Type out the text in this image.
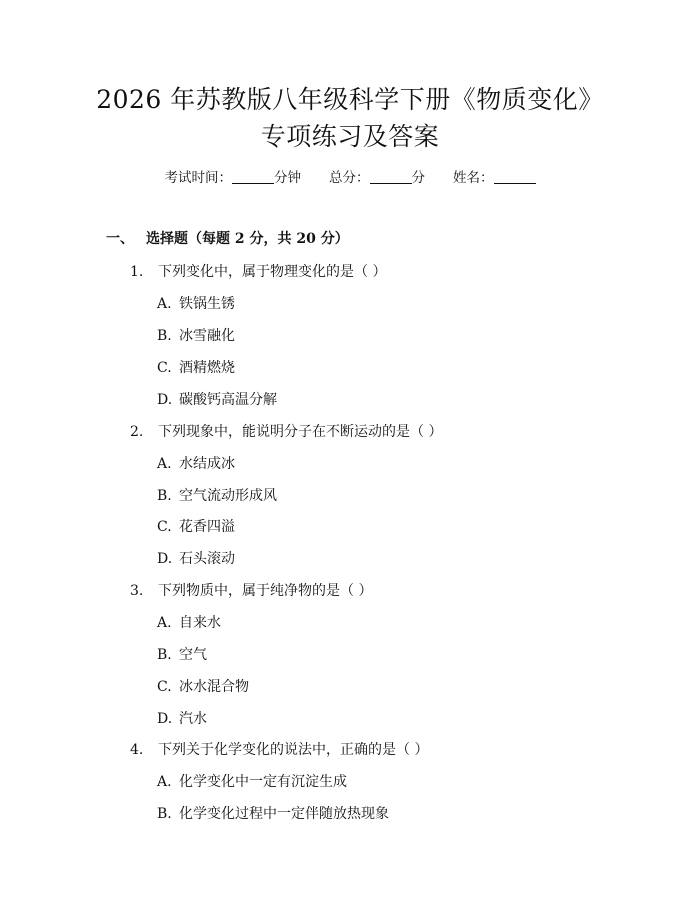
2026 年苏教版八年级科学下册《物质变化》
专项练习及答案
考试时间：	分钟 总分：	分 姓名：
一、 选择题（每题 2 分，共 20 分）
1. 下列变化中，属于物理变化的是（ ）
A. 铁锅生锈
B. 冰雪融化
C. 酒精燃烧
D. 碳酸钙高温分解
2. 下列现象中，能说明分子在不断运动的是（ ）
A. 水结成冰
B. 空气流动形成风
C. 花香四溢
D. 石头滚动
3. 下列物质中，属于纯净物的是（ ）
A. 自来水
B. 空气
C. 冰水混合物
D. 汽水
4. 下列关于化学变化的说法中，正确的是（ ）
A. 化学变化中一定有沉淀生成
B. 化学变化过程中一定伴随放热现象
